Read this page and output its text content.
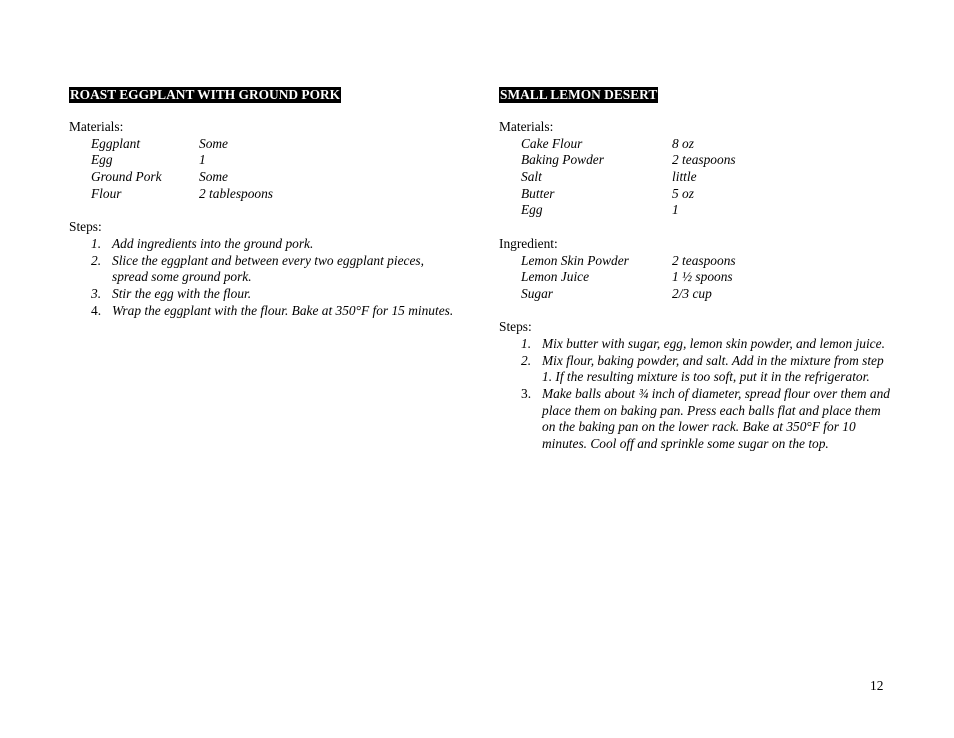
ROAST EGGPLANT WITH GROUND PORK
Materials:
Eggplant	Some
Egg	1
Ground Pork	Some
Flour	2 tablespoons
Steps:
1. Add ingredients into the ground pork.
2. Slice the eggplant and between every two eggplant pieces, spread some ground pork.
3. Stir the egg with the flour.
4. Wrap the eggplant with the flour. Bake at 350°F for 15 minutes.
SMALL LEMON DESERT
Materials:
Cake Flour	8 oz
Baking Powder	2 teaspoons
Salt	little
Butter	5 oz
Egg	1
Ingredient:
Lemon Skin Powder	2 teaspoons
Lemon Juice	1 ½ spoons
Sugar	2/3 cup
Steps:
1. Mix butter with sugar, egg, lemon skin powder, and lemon juice.
2. Mix flour, baking powder, and salt. Add in the mixture from step 1. If the resulting mixture is too soft, put it in the refrigerator.
3. Make balls about ¾ inch of diameter, spread flour over them and place them on baking pan. Press each balls flat and place them on the baking pan on the lower rack. Bake at 350°F for 10 minutes. Cool off and sprinkle some sugar on the top.
12
